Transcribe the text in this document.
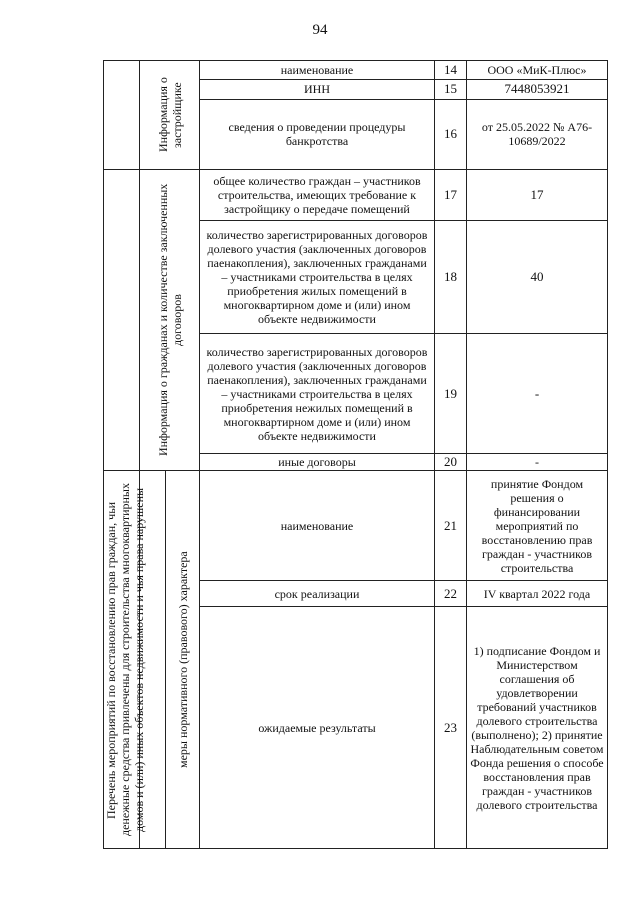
94

	Информация о застройщике		наименование	14	ООО «МиК-Плюс»
			ИНН	15	7448053921
			сведения о проведении процедуры банкротства	16	от 25.05.2022 № А76-10689/2022

	Информация о гражданах и количестве заключенных договоров		общее количество граждан – участников строительства, имеющих требование к застройщику о передаче помещений	17	17
			количество зарегистрированных договоров долевого участия (заключенных договоров паенакопления), заключенных гражданами – участниками строительства в целях приобретения жилых помещений в многоквартирном доме и (или) ином объекте недвижимости	18	40
			количество зарегистрированных договоров долевого участия (заключенных договоров паенакопления), заключенных гражданами – участниками строительства в целях приобретения нежилых помещений в многоквартирном доме и (или) ином объекте недвижимости	19	-
			иные договоры	20	-

Перечень мероприятий по восстановлению прав граждан, чьи денежные средства привлечены для строительства многоквартирных домов и (или) иных объектов недвижимости и чья права нарушены		меры нормативного (правового) характера	наименование	21	принятие Фондом решения о финансировании мероприятий по восстановлению прав граждан - участников строительства
			срок реализации	22	IV квартал 2022 года
			ожидаемые результаты	23	1) подписание Фондом и Министерством соглашения об удовлетворении требований участников долевого строительства (выполнено); 2) принятие Наблюдательным советом Фонда решения о способе восстановления прав граждан - участников долевого строительства
